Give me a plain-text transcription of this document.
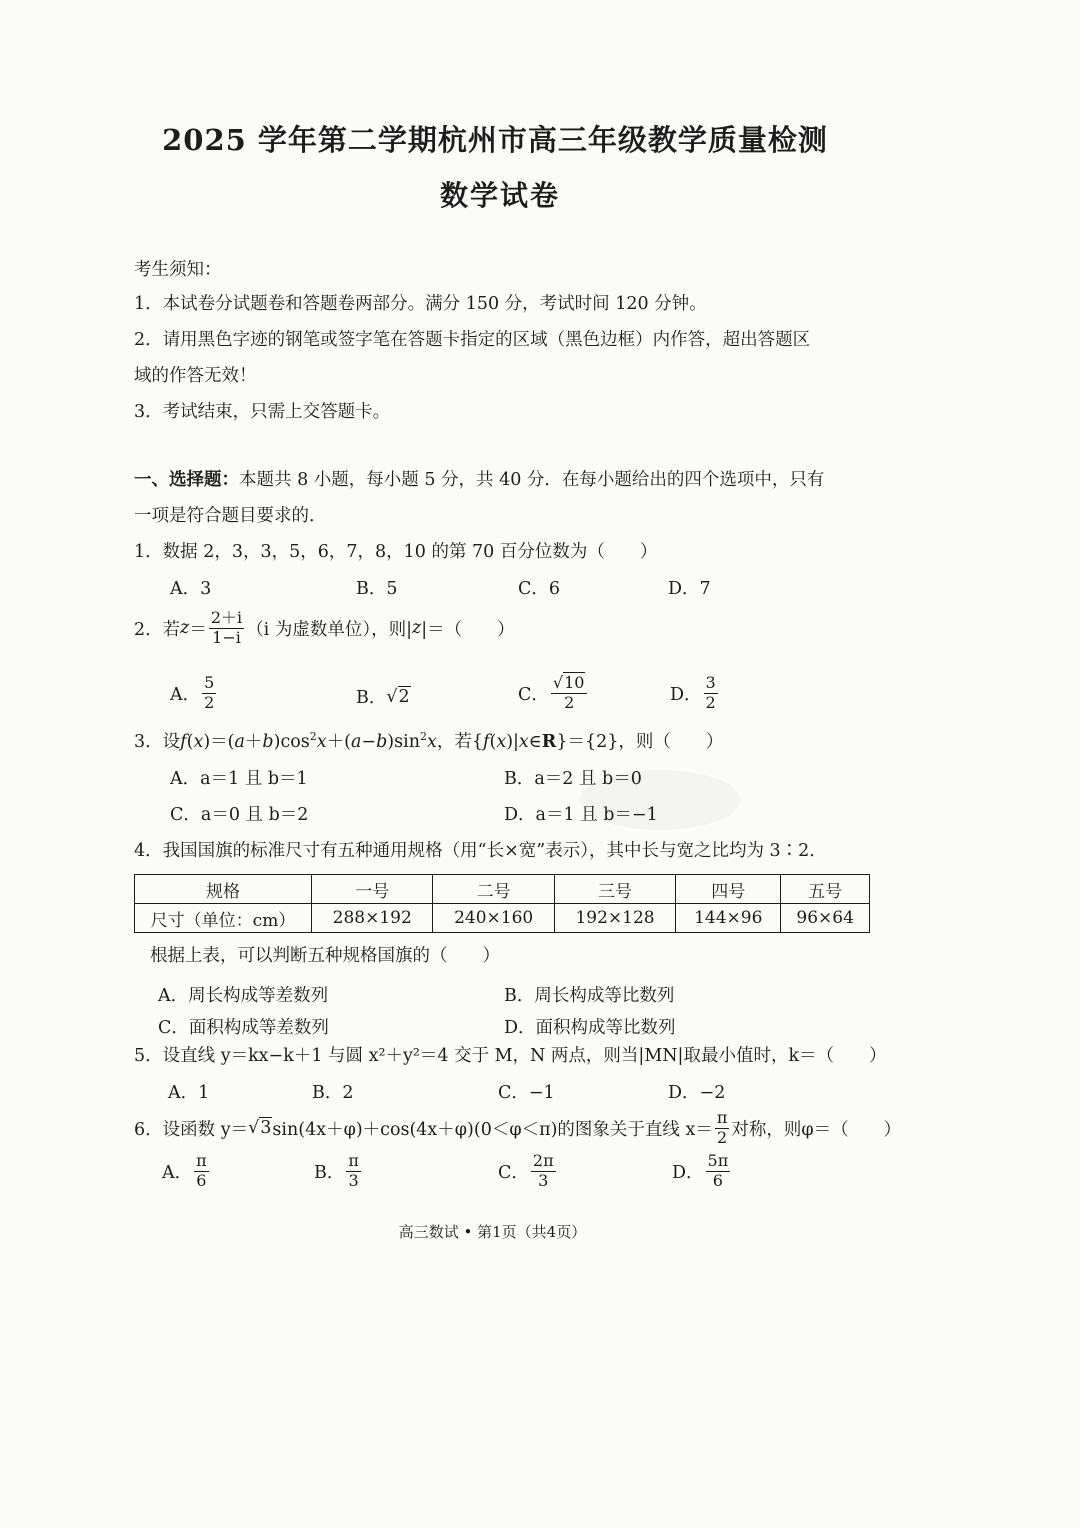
2025 学年第二学期杭州市高三年级教学质量检测
数学试卷
考生须知：
1．本试卷分试题卷和答题卷两部分。满分 150 分，考试时间 120 分钟。
2．请用黑色字迹的钢笔或签字笔在答题卡指定的区域（黑色边框）内作答，超出答题区
域的作答无效！
3．考试结束，只需上交答题卡。
一、选择题：本题共 8 小题，每小题 5 分，共 40 分．在每小题给出的四个选项中，只有
一项是符合题目要求的．
1．数据 2，3，3，5，6，7，8，10 的第 70 百分位数为（　　）
A．3	B．5	C．6	D．7
2．若 $z = \frac{2+i}{1-i} (i$ 为虚数单位），则| z |＝（　　）
A． $\frac{5}{2}$	B． √2	C． $\frac{√10}{2}$	D． $\frac{3}{2}$
3．设$f(x)=(a+b)\cos^2x+(a-b)\sin^2x$，若{f(x)|x∈R}＝{2}，则（　　）
A．a＝1 且 b＝1	B．a＝2 且 b＝0
C．a＝0 且 b＝2	D．a＝1 且 b＝−1
4．我国国旗的标准尺寸有五种通用规格（用“长×宽”表示），其中长与宽之比均为 3∶2．
规格	一号	二号	三号	四号	五号
尺寸（单位：cm）	288×192	240×160	192×128	144×96	96×64
根据上表，可以判断五种规格国旗的（　　）
A．周长构成等差数列	B．周长构成等比数列
C．面积构成等差数列	D．面积构成等比数列
5．设直线 y＝kx−k＋1 与圆 x²＋y²＝4 交于 M，N 两点，则当|MN|取最小值时，k＝（　　）
A．1	B．2	C．−1	D．−2
6．设函数 y＝ √3 sin(4x＋φ)＋cos(4x＋φ)(0＜φ＜π)的图象关于直线 $x= \frac{\pi}{2}$ 对称，则φ＝（　　）
A． $\frac{\pi}{6}$	B． $\frac{\pi}{3}$	C． $\frac{2\pi}{3}$	D． $\frac{5\pi}{6}$
高三数试 • 第1页（共4页）
